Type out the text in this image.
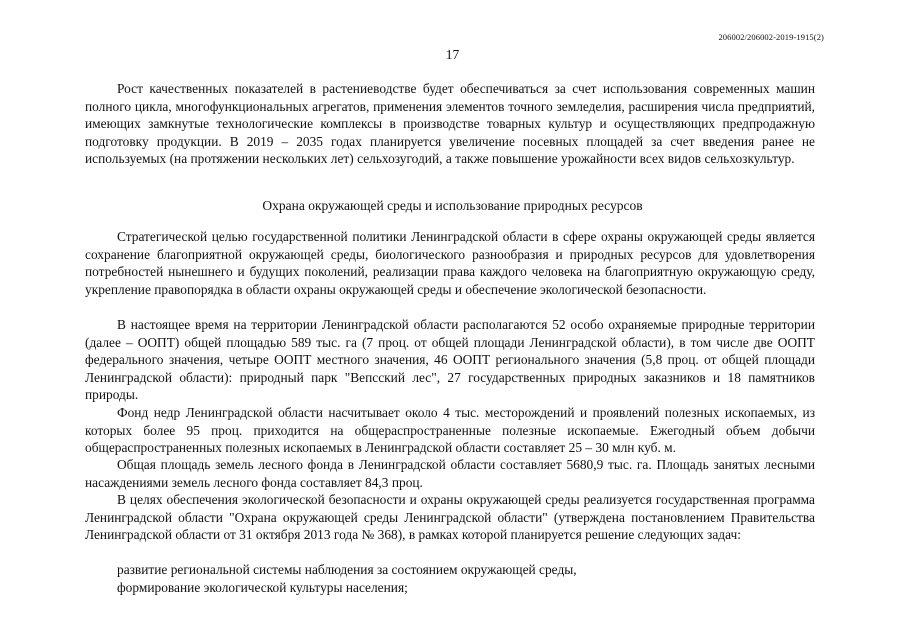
206002/206002-2019-1915(2)
17

Рост качественных показателей в растениеводстве будет обеспечиваться за счет использования современных машин полного цикла, многофункциональных агрегатов, применения элементов точного земледелия, расширения числа предприятий, имеющих замкнутые технологические комплексы в производстве товарных культур и осуществляющих предпродажную подготовку продукции. В 2019 – 2035 годах планируется увеличение посевных площадей за счет введения ранее не используемых (на протяжении нескольких лет) сельхозугодий, а также повышение урожайности всех видов сельхозкультур.

Охрана окружающей среды и использование природных ресурсов

Стратегической целью государственной политики Ленинградской области в сфере охраны окружающей среды является сохранение благоприятной окружающей среды, биологического разнообразия и природных ресурсов для удовлетворения потребностей нынешнего и будущих поколений, реализации права каждого человека на благоприятную окружающую среду, укрепление правопорядка в области охраны окружающей среды и обеспечение экологической безопасности.

В настоящее время на территории Ленинградской области располагаются 52 особо охраняемые природные территории (далее – ООПТ) общей площадью 589 тыс. га (7 проц. от общей площади Ленинградской области), в том числе две ООПТ федерального значения, четыре ООПТ местного значения, 46 ООПТ регионального значения (5,8 проц. от общей площади Ленинградской области): природный парк "Вепсский лес", 27 государственных природных заказников и 18 памятников природы.

Фонд недр Ленинградской области насчитывает около 4 тыс. месторождений и проявлений полезных ископаемых, из которых более 95 проц. приходится на общераспространенные полезные ископаемые. Ежегодный объем добычи общераспространенных полезных ископаемых в Ленинградской области составляет 25 – 30 млн куб. м.

Общая площадь земель лесного фонда в Ленинградской области составляет 5680,9 тыс. га. Площадь занятых лесными насаждениями земель лесного фонда составляет 84,3 проц.

В целях обеспечения экологической безопасности и охраны окружающей среды реализуется государственная программа Ленинградской области "Охрана окружающей среды Ленинградской области" (утверждена постановлением Правительства Ленинградской области от 31 октября 2013 года № 368), в рамках которой планируется решение следующих задач:

развитие региональной системы наблюдения за состоянием окружающей среды,

формирование экологической культуры населения;
